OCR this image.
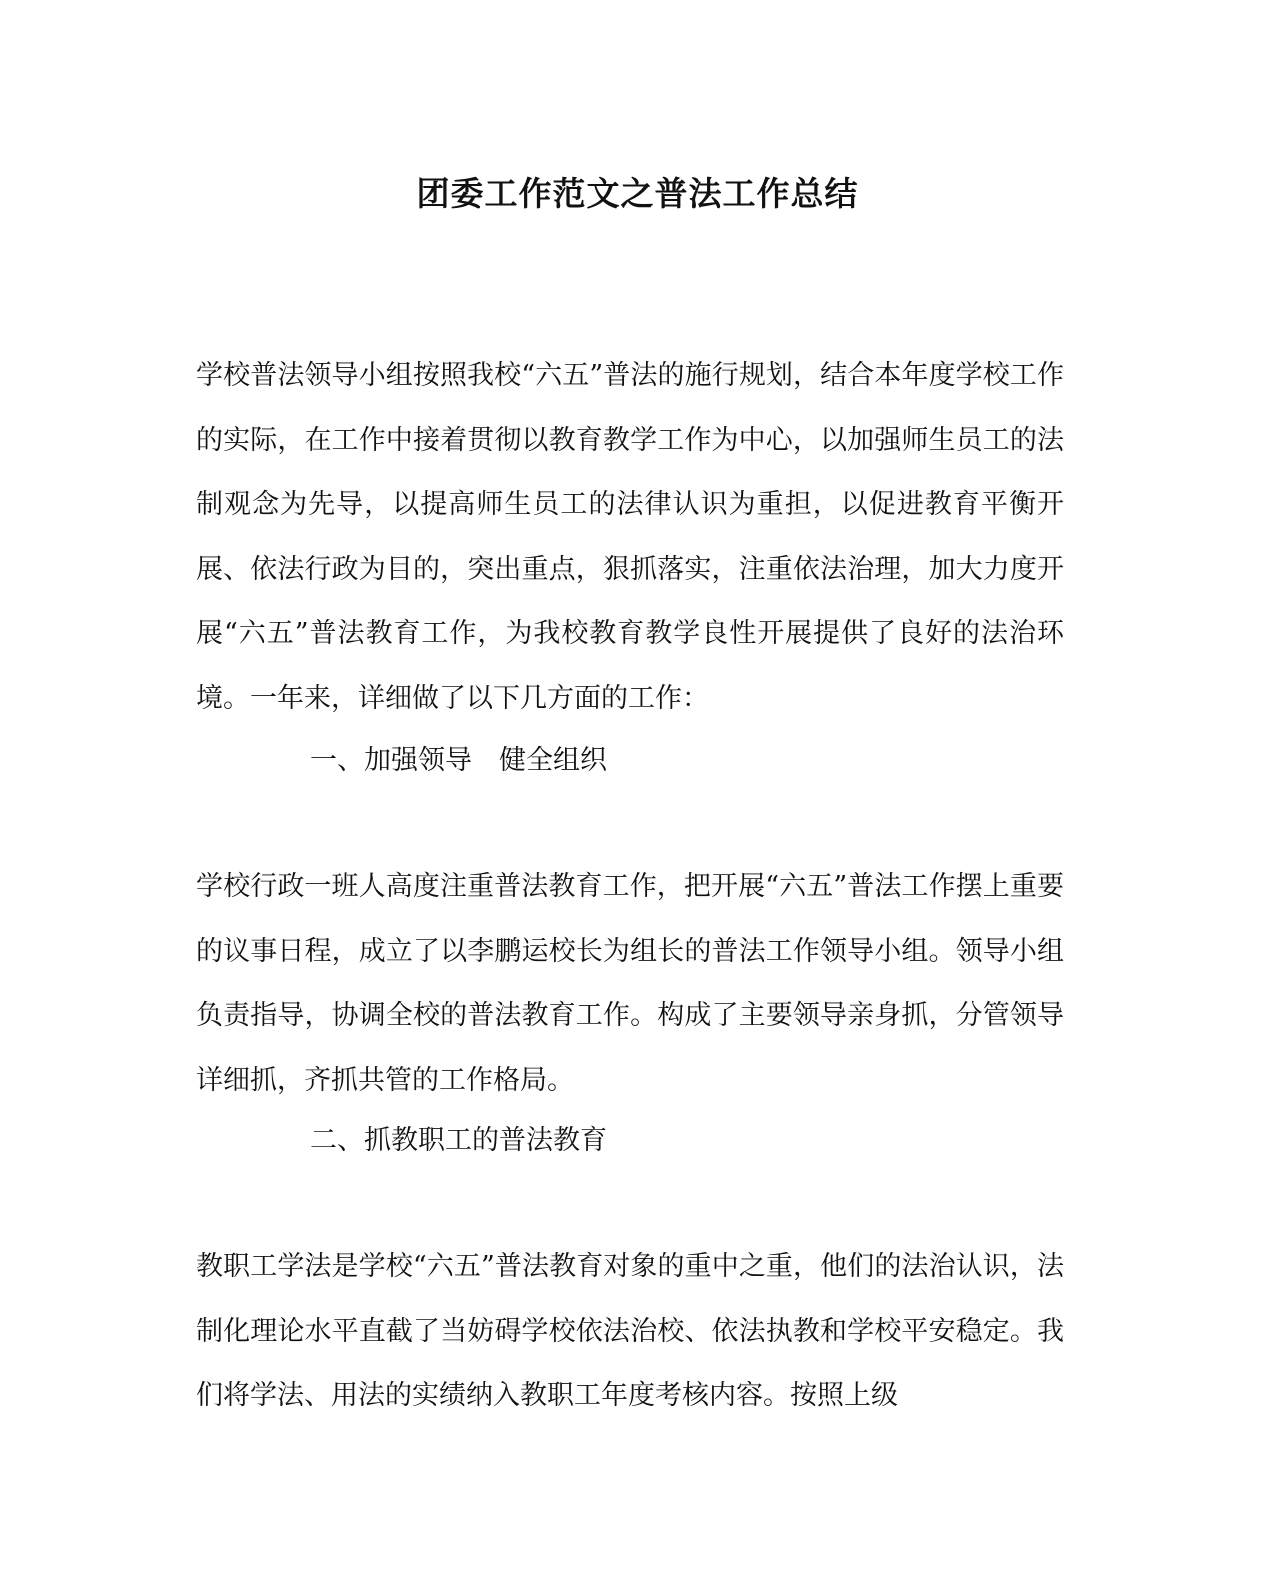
团委工作范文之普法工作总结

学校普法领导小组按照我校“六五”普法的施行规划，结合本年度学校工作的实际，在工作中接着贯彻以教育教学工作为中心，以加强师生员工的法制观念为先导，以提高师生员工的法律认识为重担，以促进教育平衡开展、依法行政为目的，突出重点，狠抓落实，注重依法治理，加大力度开展“六五”普法教育工作，为我校教育教学良性开展提供了良好的法治环境。一年来，详细做了以下几方面的工作：

一、加强领导　健全组织

学校行政一班人高度注重普法教育工作，把开展“六五”普法工作摆上重要的议事日程，成立了以李鹏运校长为组长的普法工作领导小组。领导小组负责指导，协调全校的普法教育工作。构成了主要领导亲身抓，分管领导详细抓，齐抓共管的工作格局。

二、抓教职工的普法教育

教职工学法是学校“六五”普法教育对象的重中之重，他们的法治认识，法制化理论水平直截了当妨碍学校依法治校、依法执教和学校平安稳定。我们将学法、用法的实绩纳入教职工年度考核内容。按照上级
